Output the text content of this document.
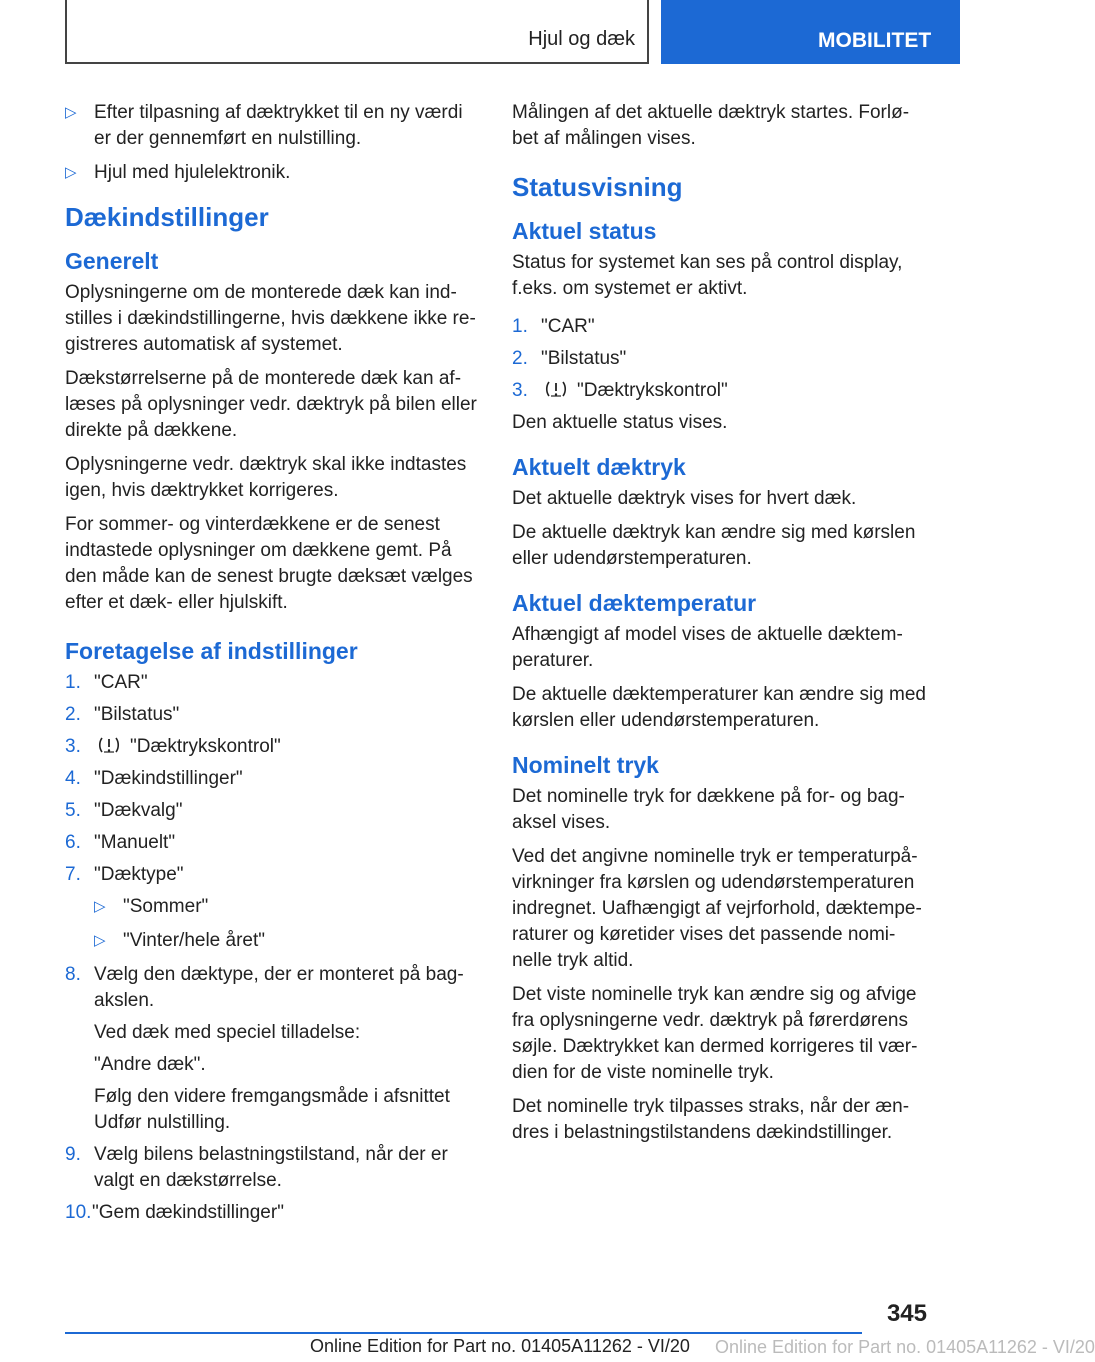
Hjul og dæk	MOBILITET
▷ Efter tilpasning af dæktrykket til en ny værdi er der gennemført en nulstilling.
▷ Hjul med hjulelektronik.
Dækindstillinger
Generelt

Oplysningerne om de monterede dæk kan indstilles i dækindstillingerne, hvis dækkene ikke registreres automatisk af systemet.

Dækstørrelserne på de monterede dæk kan aflæses på oplysninger vedr. dæktryk på bilen eller direkte på dækkene.

Oplysningerne vedr. dæktryk skal ikke indtastes igen, hvis dæktrykket korrigeres.

For sommer- og vinterdækkene er de senest indtastede oplysninger om dækkene gemt. På den måde kan de senest brugte dæksæt vælges efter et dæk- eller hjulskift.

Foretagelse af indstillinger
1. "CAR"
2. "Bilstatus"
3.	"Dæktrykskontrol"
4. "Dækindstillinger"
5. "Dækvalg"
6. "Manuelt"
7. "Dæktype"
▷ "Sommer"
▷ "Vinter/hele året"
8. Vælg den dæktype, der er monteret på bagakslen.
Ved dæk med speciel tilladelse:
"Andre dæk".
Følg den videre fremgangsmåde i afsnittet Udfør nulstilling.
9. Vælg bilens belastningstilstand, når der er valgt en dækstørrelse.
10. "Gem dækindstillinger"

Målingen af det aktuelle dæktryk startes. Forløbet af målingen vises.

Statusvisning
Aktuel status

Status for systemet kan ses på control display, f.eks. om systemet er aktivt.

1. "CAR"
2. "Bilstatus"
3.	"Dæktrykskontrol"

Den aktuelle status vises.

Aktuelt dæktryk

Det aktuelle dæktryk vises for hvert dæk.

De aktuelle dæktryk kan ændre sig med kørslen eller udendørstemperaturen.

Aktuel dæktemperatur

Afhængigt af model vises de aktuelle dæktemperaturer.

De aktuelle dæktemperaturer kan ændre sig med kørslen eller udendørstemperaturen.

Nominelt tryk

Det nominelle tryk for dækkene på for- og bagaksel vises.

Ved det angivne nominelle tryk er temperaturpåvirkninger fra kørslen og udendørstemperaturen indregnet. Uafhængigt af vejrforhold, dæktemperaturer og køretider vises det passende nominelle tryk altid.

Det viste nominelle tryk kan ændre sig og afvige fra oplysningerne vedr. dæktryk på førerdørens søjle. Dæktrykket kan dermed korrigeres til værdien for de viste nominelle tryk.

Det nominelle tryk tilpasses straks, når der ændres i belastningstilstandens dækindstillinger.

345
Online Edition for Part no. 01405A11262 - VI/20 Online Edition for Part no. 01405A11262 - VI/20
